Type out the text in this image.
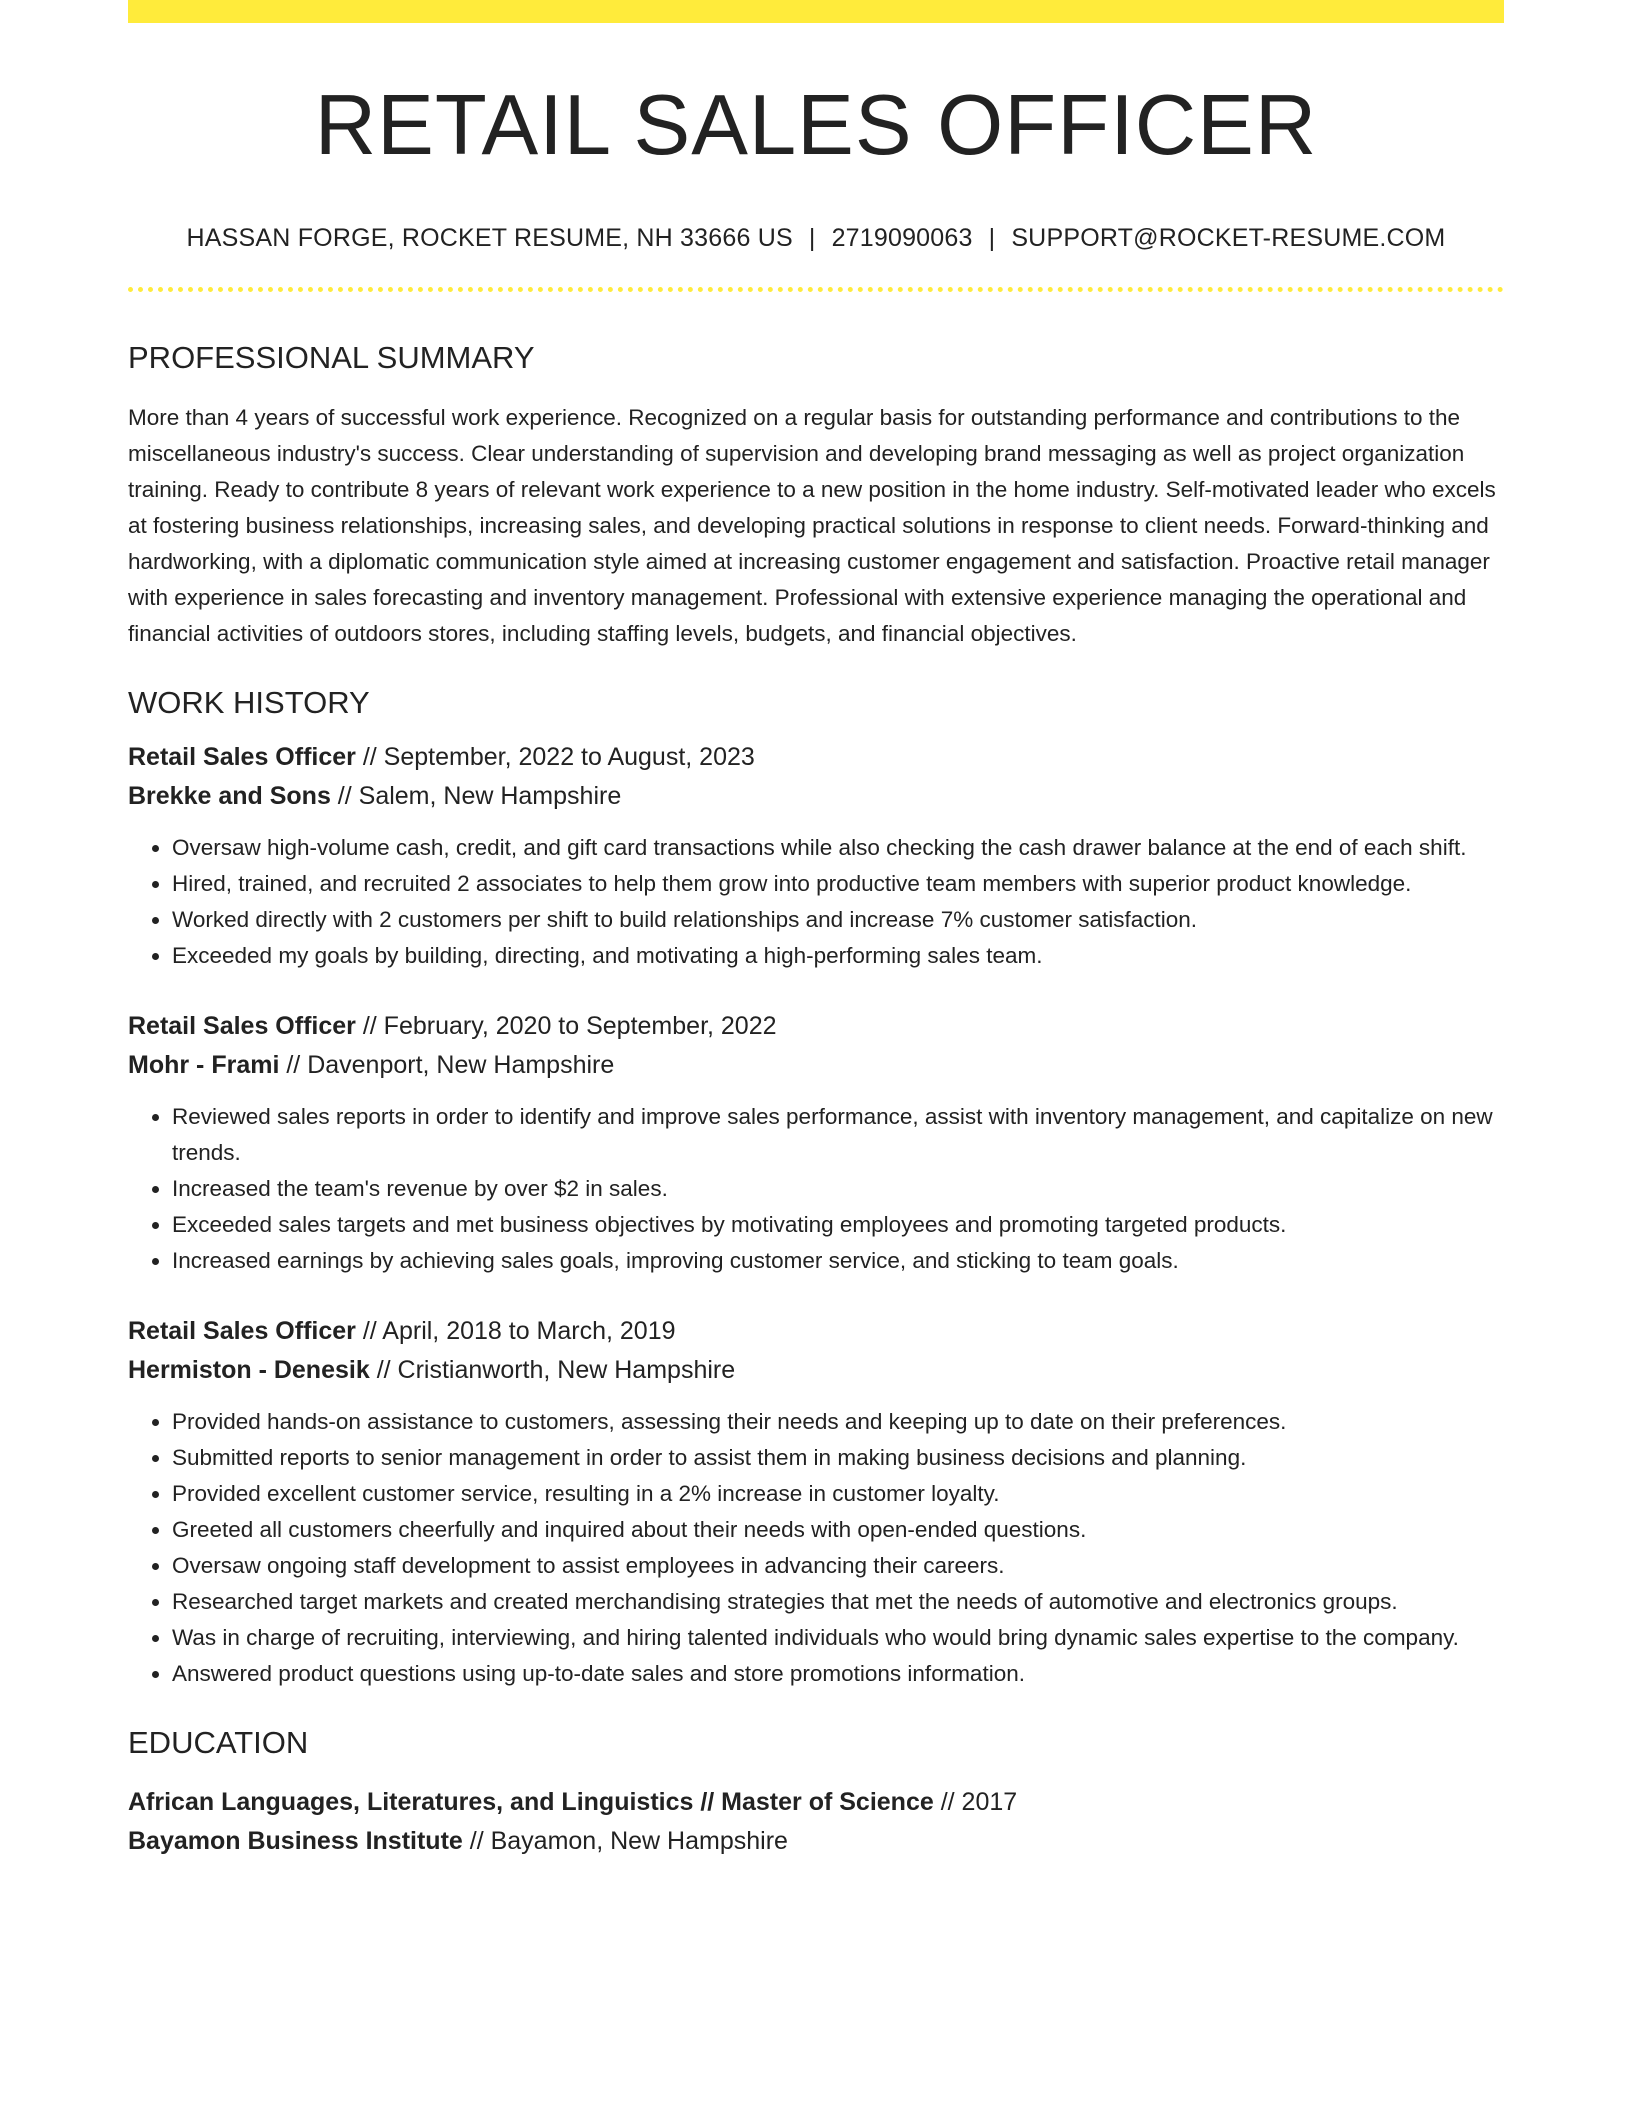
RETAIL SALES OFFICER
HASSAN FORGE, ROCKET RESUME, NH 33666 US | 2719090063 | SUPPORT@ROCKET-RESUME.COM
PROFESSIONAL SUMMARY

More than 4 years of successful work experience. Recognized on a regular basis for outstanding performance and contributions to the miscellaneous industry's success. Clear understanding of supervision and developing brand messaging as well as project organization training. Ready to contribute 8 years of relevant work experience to a new position in the home industry. Self-motivated leader who excels at fostering business relationships, increasing sales, and developing practical solutions in response to client needs. Forward-thinking and hardworking, with a diplomatic communication style aimed at increasing customer engagement and satisfaction. Proactive retail manager with experience in sales forecasting and inventory management. Professional with extensive experience managing the operational and financial activities of outdoors stores, including staffing levels, budgets, and financial objectives.

WORK HISTORY
Retail Sales Officer // September, 2022 to August, 2023
Brekke and Sons // Salem, New Hampshire
• Oversaw high-volume cash, credit, and gift card transactions while also checking the cash drawer balance at the end of each shift.
• Hired, trained, and recruited 2 associates to help them grow into productive team members with superior product knowledge.
• Worked directly with 2 customers per shift to build relationships and increase 7% customer satisfaction.
• Exceeded my goals by building, directing, and motivating a high-performing sales team.
Retail Sales Officer // February, 2020 to September, 2022
Mohr - Frami // Davenport, New Hampshire
• Reviewed sales reports in order to identify and improve sales performance, assist with inventory management, and capitalize on new trends.
• Increased the team's revenue by over $2 in sales.
• Exceeded sales targets and met business objectives by motivating employees and promoting targeted products.
• Increased earnings by achieving sales goals, improving customer service, and sticking to team goals.
Retail Sales Officer // April, 2018 to March, 2019
Hermiston - Denesik // Cristianworth, New Hampshire
• Provided hands-on assistance to customers, assessing their needs and keeping up to date on their preferences.
• Submitted reports to senior management in order to assist them in making business decisions and planning.
• Provided excellent customer service, resulting in a 2% increase in customer loyalty.
• Greeted all customers cheerfully and inquired about their needs with open-ended questions.
• Oversaw ongoing staff development to assist employees in advancing their careers.
• Researched target markets and created merchandising strategies that met the needs of automotive and electronics groups.
• Was in charge of recruiting, interviewing, and hiring talented individuals who would bring dynamic sales expertise to the company.
• Answered product questions using up-to-date sales and store promotions information.
EDUCATION
African Languages, Literatures, and Linguistics // Master of Science // 2017
Bayamon Business Institute // Bayamon, New Hampshire
